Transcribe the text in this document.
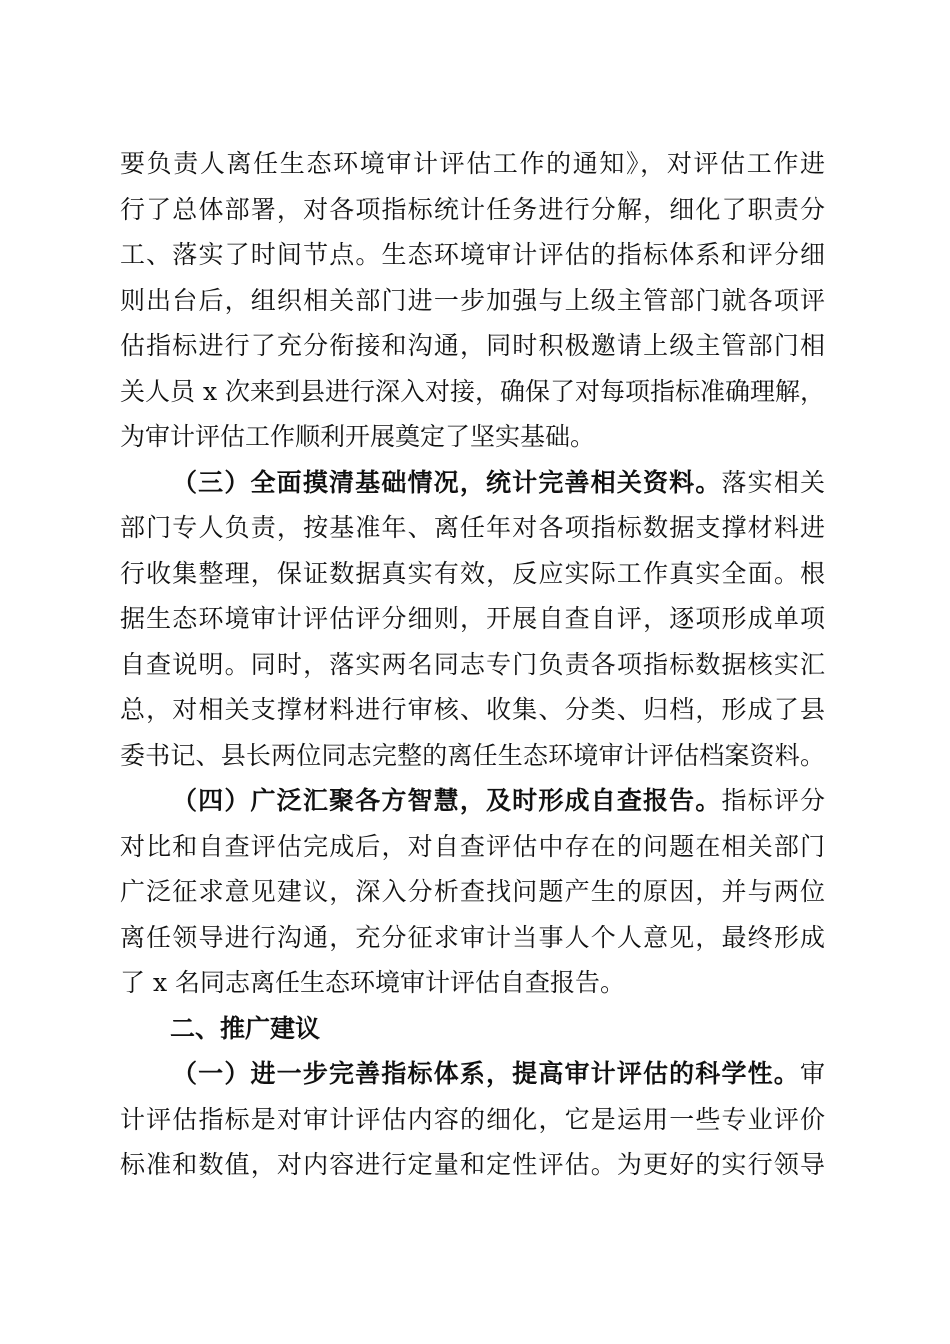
要负责人离任生态环境审计评估工作的通知》，对评估工作进
行了总体部署，对各项指标统计任务进行分解，细化了职责分
工、落实了时间节点。生态环境审计评估的指标体系和评分细
则出台后，组织相关部门进一步加强与上级主管部门就各项评
估指标进行了充分衔接和沟通，同时积极邀请上级主管部门相
关人员 x 次来到县进行深入对接，确保了对每项指标准确理解，
为审计评估工作顺利开展奠定了坚实基础。
（三）全面摸清基础情况，统计完善相关资料。落实相关
部门专人负责，按基准年、离任年对各项指标数据支撑材料进
行收集整理，保证数据真实有效，反应实际工作真实全面。根
据生态环境审计评估评分细则，开展自查自评，逐项形成单项
自查说明。同时，落实两名同志专门负责各项指标数据核实汇
总，对相关支撑材料进行审核、收集、分类、归档，形成了县
委书记、县长两位同志完整的离任生态环境审计评估档案资料。
（四）广泛汇聚各方智慧，及时形成自查报告。指标评分
对比和自查评估完成后，对自查评估中存在的问题在相关部门
广泛征求意见建议，深入分析查找问题产生的原因，并与两位
离任领导进行沟通，充分征求审计当事人个人意见，最终形成
了 x 名同志离任生态环境审计评估自查报告。
二、推广建议
（一）进一步完善指标体系，提高审计评估的科学性。审
计评估指标是对审计评估内容的细化，它是运用一些专业评价
标准和数值，对内容进行定量和定性评估。为更好的实行领导
